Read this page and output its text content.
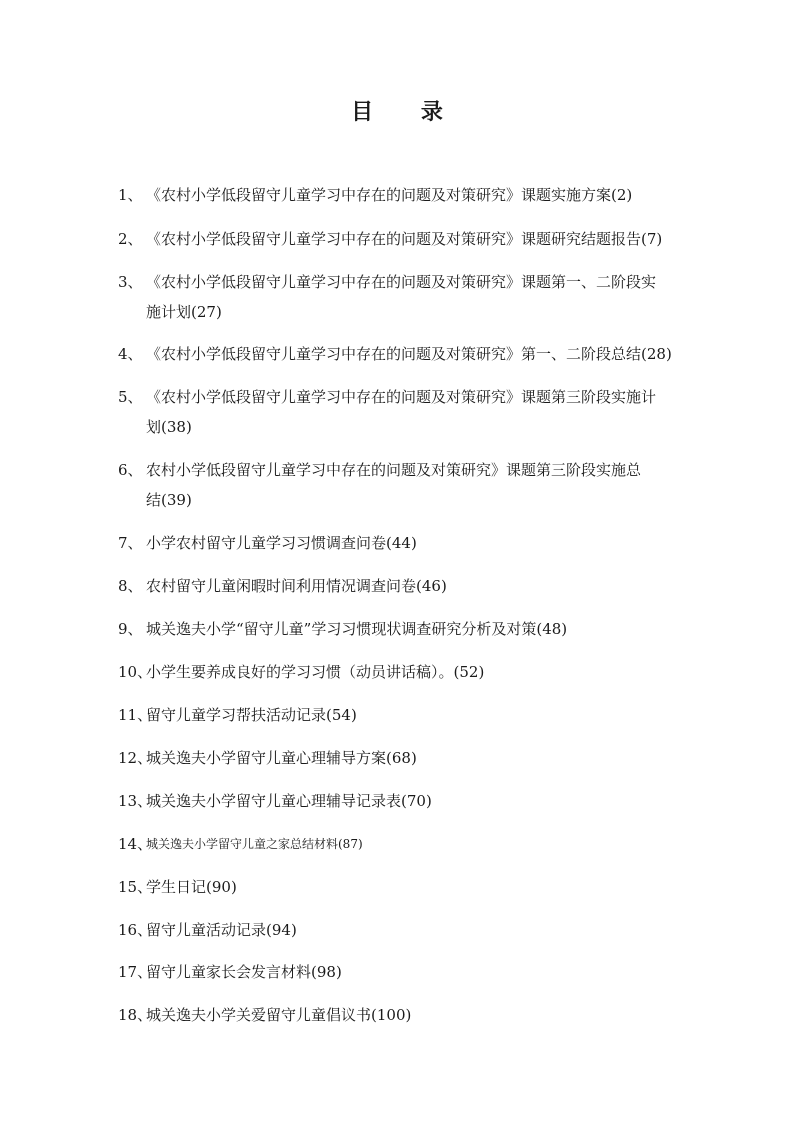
目 录
1、 《农村小学低段留守儿童学习中存在的问题及对策研究》课题实施方案(2)
2、 《农村小学低段留守儿童学习中存在的问题及对策研究》课题研究结题报告(7)
3、 《农村小学低段留守儿童学习中存在的问题及对策研究》课题第一、二阶段实
施计划(27)
4、 《农村小学低段留守儿童学习中存在的问题及对策研究》第一、二阶段总结(28)
5、 《农村小学低段留守儿童学习中存在的问题及对策研究》课题第三阶段实施计
划(38)
6、 农村小学低段留守儿童学习中存在的问题及对策研究》课题第三阶段实施总
结(39)
7、 小学农村留守儿童学习习惯调查问卷(44)
8、 农村留守儿童闲暇时间利用情况调查问卷(46)
9、 城关逸夫小学“留守儿童”学习习惯现状调查研究分析及对策(48)
10、
小学生要养成良好的学习习惯（动员讲话稿）。(52)
11、
留守儿童学习帮扶活动记录(54)
12、
城关逸夫小学留守儿童心理辅导方案(68)
13、
城关逸夫小学留守儿童心理辅导记录表(70)
14、
城关逸夫小学留守儿童之家总结材料(87)
15、
学生日记(90)
16、
留守儿童活动记录(94)
17、
留守儿童家长会发言材料(98)
18、
城关逸夫小学关爱留守儿童倡议书(100)
